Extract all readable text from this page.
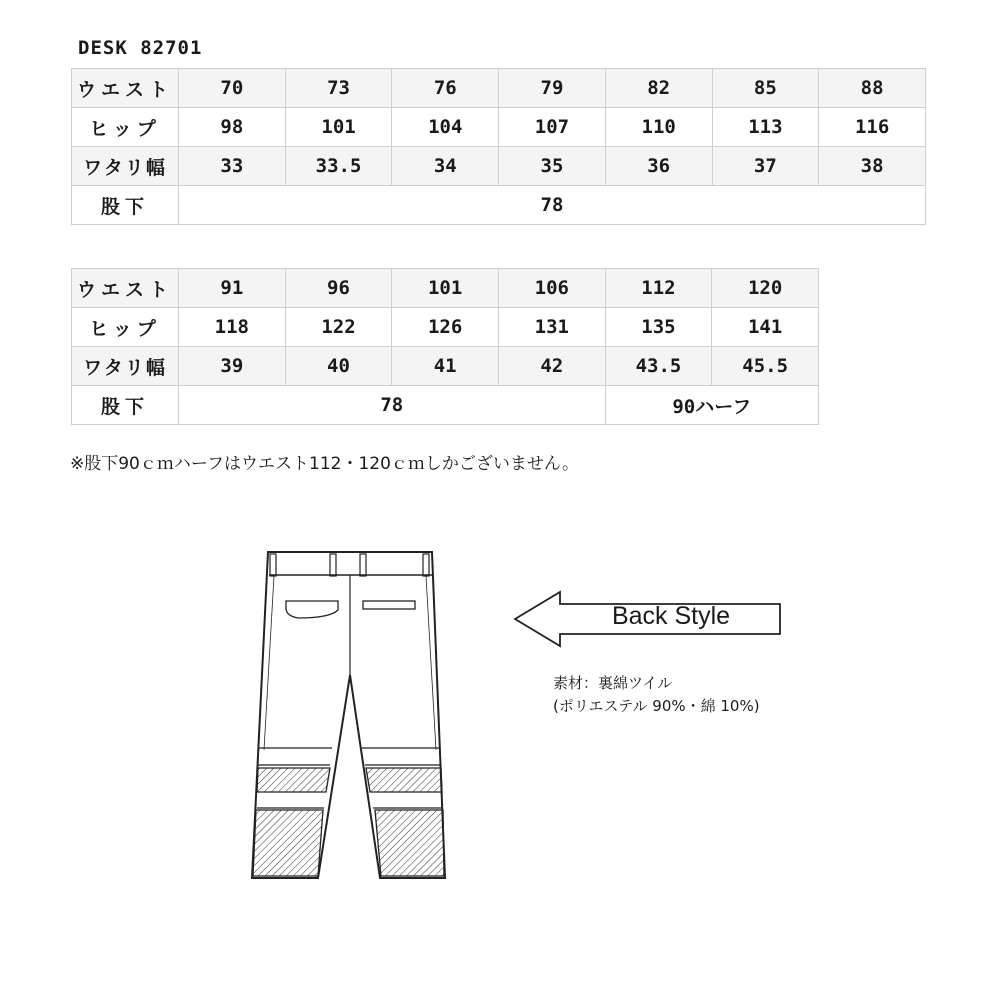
DESK 82701
ウエスト	70	73	76	79	82	85	88
ヒップ	98	101	104	107	110	113	116
ワタリ幅	33	33.5	34	35	36	37	38
股下	78						
ウエスト	91	96	101	106	112	120
ヒップ	118	122	126	131	135	141
ワタリ幅	39	40	41	42	43.5	45.5
股下	78				90ハーフ	
※股下90ｃｍハーフはウエスト112・120ｃｍしかございません。
Back Style
素材：裏綿ツイル
(ポリエステル 90%・綿 10%)
